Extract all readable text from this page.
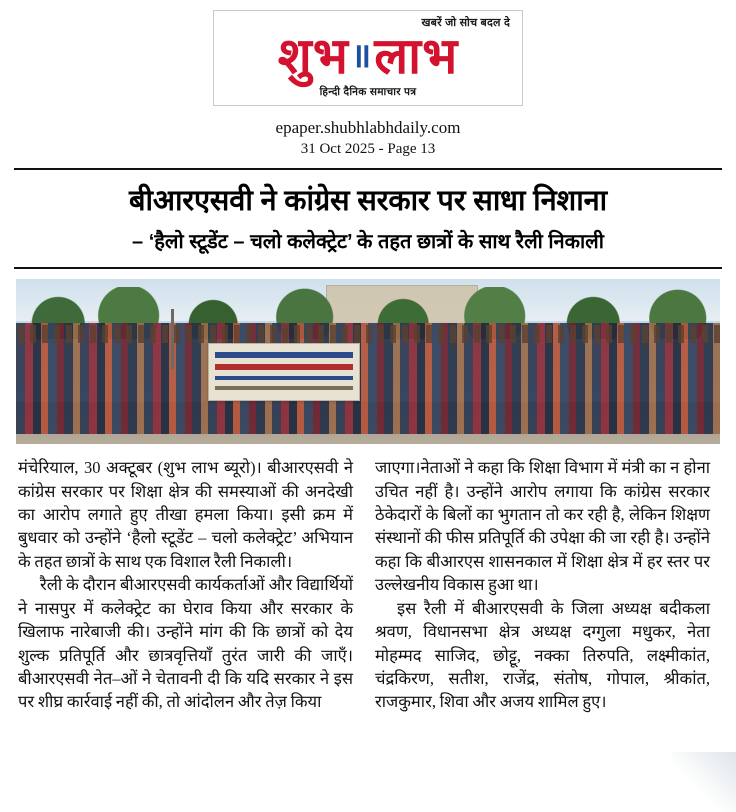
खबरें जो सोच बदल दे
शुभ॥लाभ
हिन्दी दैनिक समाचार पत्र
epaper.shubhlabhdaily.com
31 Oct 2025 - Page 13
बीआरएसवी ने कांग्रेस सरकार पर साधा निशाना
– ‘हैलो स्टूडेंट – चलो कलेक्ट्रेट’ के तहत छात्रों के साथ रैली निकाली

मंचेरियाल, 30 अक्टूबर (शुभ लाभ ब्यूरो)। बीआरएसवी ने कांग्रेस सरकार पर शिक्षा क्षेत्र की समस्याओं की अनदेखी का आरोप लगाते हुए तीखा हमला किया। इसी क्रम में बुधवार को उन्होंने ‘हैलो स्टूडेंट – चलो कलेक्ट्रेट’ अभियान के तहत छात्रों के साथ एक विशाल रैली निकाली।

रैली के दौरान बीआरएसवी कार्यकर्ताओं और विद्यार्थियों ने नासपुर में कलेक्ट्रेट का घेराव किया और सरकार के खिलाफ नारेबाजी की। उन्होंने मांग की कि छात्रों को देय शुल्क प्रतिपूर्ति और छात्रवृत्तियाँ तुरंत जारी की जाएँ। बीआरएसवी नेत–ओं ने चेतावनी दी कि यदि सरकार ने इस पर शीघ्र कार्रवाई नहीं की, तो आंदोलन और तेज़ किया

जाएगा।नेताओं ने कहा कि शिक्षा विभाग में मंत्री का न होना उचित नहीं है। उन्होंने आरोप लगाया कि कांग्रेस सरकार ठेकेदारों के बिलों का भुगतान तो कर रही है, लेकिन शिक्षण संस्थानों की फीस प्रतिपूर्ति की उपेक्षा की जा रही है। उन्होंने कहा कि बीआरएस शासनकाल में शिक्षा क्षेत्र में हर स्तर पर उल्लेखनीय विकास हुआ था।

इस रैली में बीआरएसवी के जिला अध्यक्ष बदीकला श्रवण, विधानसभा क्षेत्र अध्यक्ष दग्गुला मधुकर, नेता मोहम्मद साजिद, छोट्टू, नक्का तिरुपति, लक्ष्मीकांत, चंद्रकिरण, सतीश, राजेंद्र, संतोष, गोपाल, श्रीकांत, राजकुमार, शिवा और अजय शामिल हुए।
